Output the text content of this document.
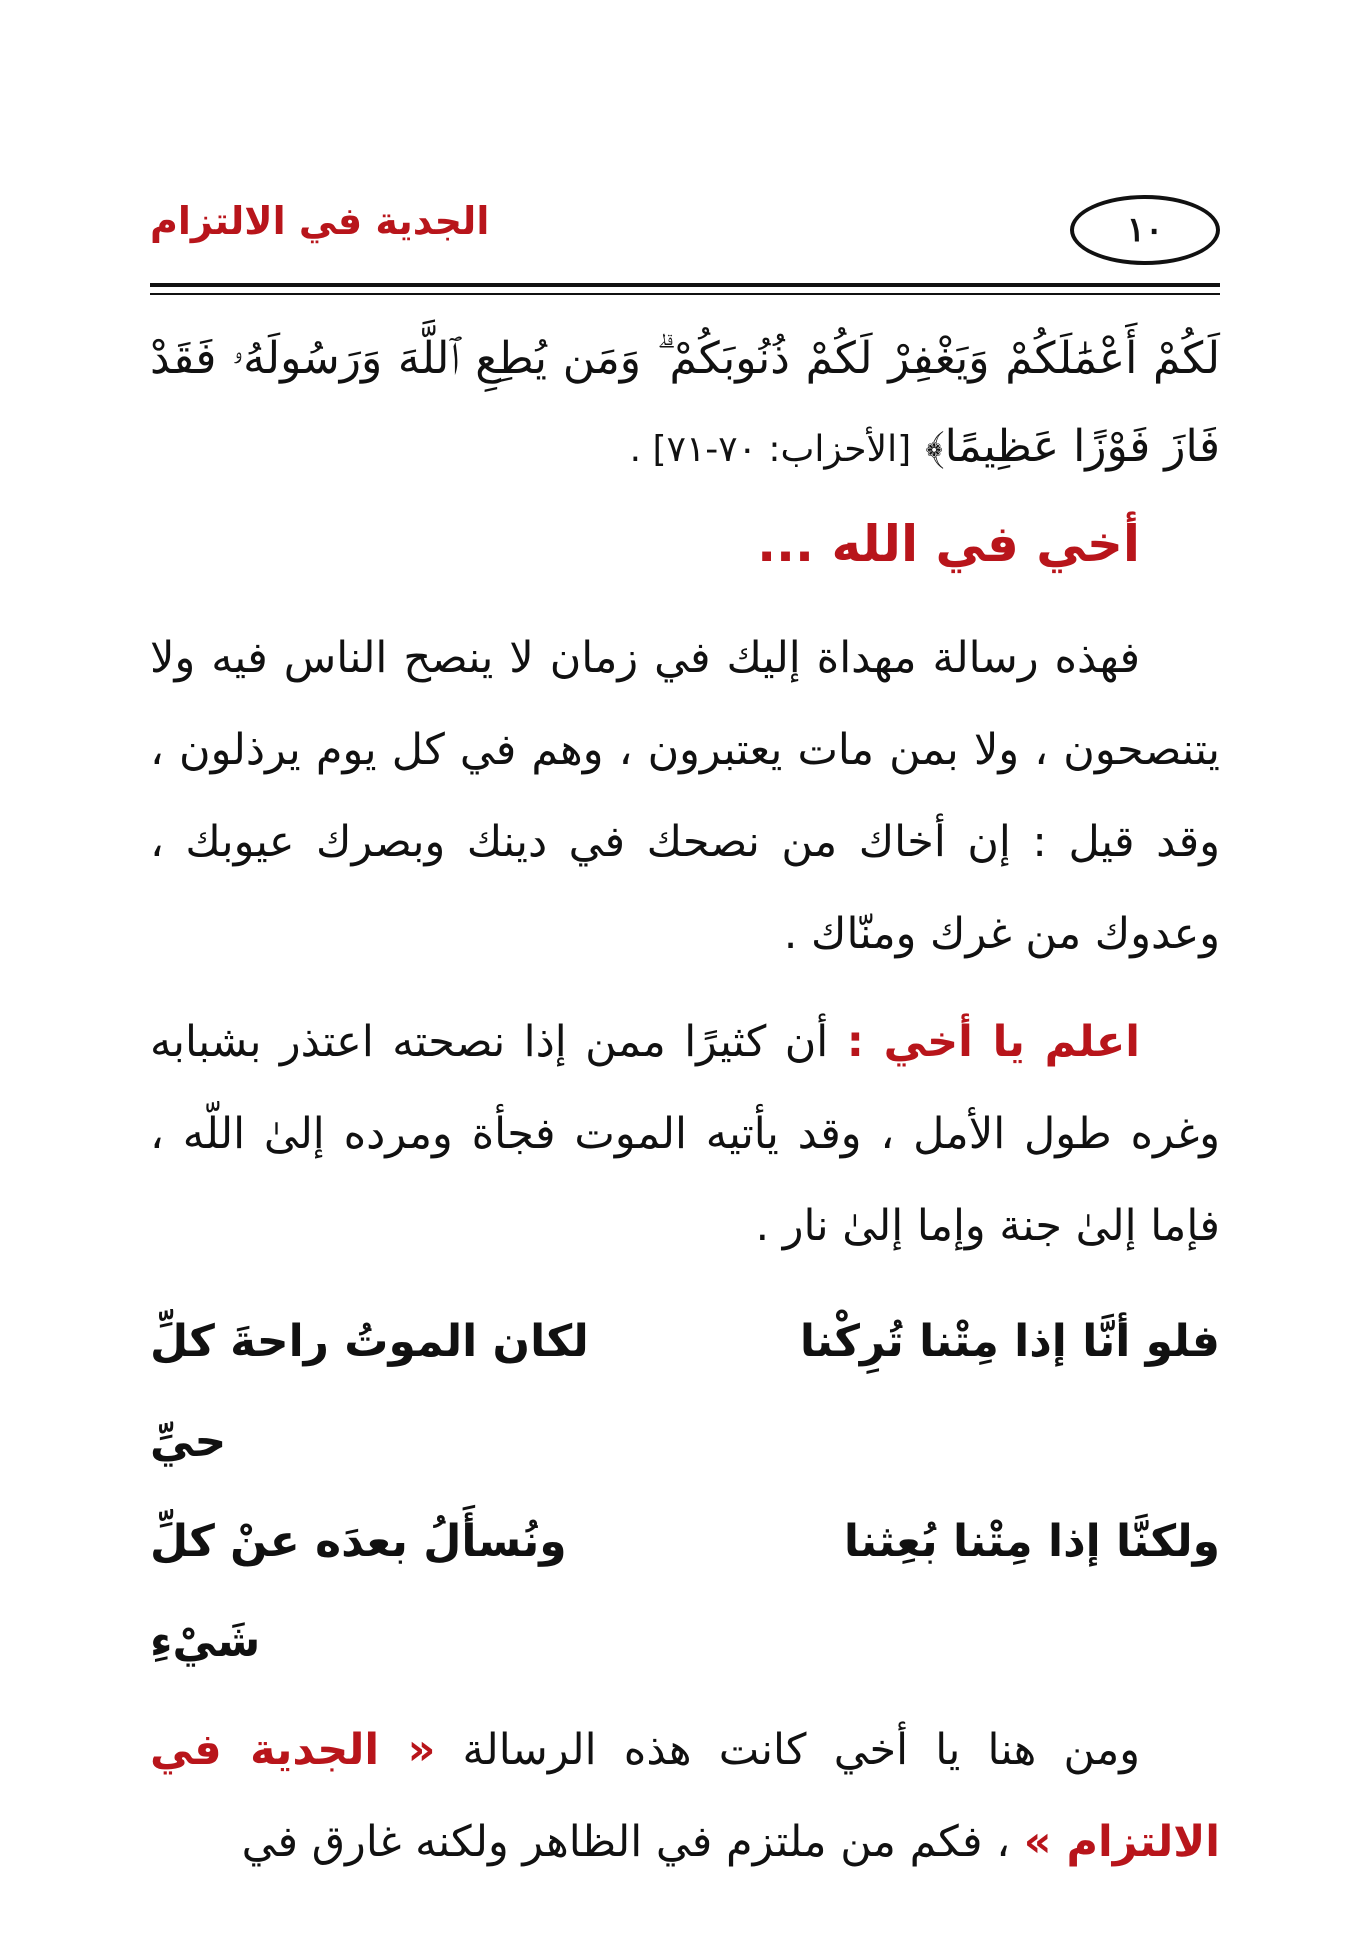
الجدية في الالتزام	١٠

لَكُمْ أَعْمَٰلَكُمْ وَيَغْفِرْ لَكُمْ ذُنُوبَكُمْ ۗ وَمَن يُطِعِ ٱللَّهَ وَرَسُولَهُۥ فَقَدْ فَازَ فَوْزًا عَظِيمًا﴾ [الأحزاب: ٧٠-٧١] .

أخي في الله ...

فهذه رسالة مهداة إليك في زمان لا ينصح الناس فيه ولا يتنصحون ، ولا بمن مات يعتبرون ، وهم في كل يوم يرذلون ، وقد قيل : إن أخاك من نصحك في دينك وبصرك عيوبك ، وعدوك من غرك ومنّاك .

اعلم يا أخي : أن كثيرًا ممن إذا نصحته اعتذر بشبابه وغره طول الأمل ، وقد يأتيه الموت فجأة ومرده إلىٰ اللّه ، فإما إلىٰ جنة وإما إلىٰ نار .

فلو أنَّا إذا مِتْنا تُرِكْنا
لكان الموتُ راحةَ كلِّ حيِّ
ولكنَّا إذا مِتْنا بُعِثنا
ونُسأَلُ بعدَه عنْ كلِّ شَيْءِ

ومن هنا يا أخي كانت هذه الرسالة « الجدية في الالتزام » ، فكم من ملتزم في الظاهر ولكنه غارق في
